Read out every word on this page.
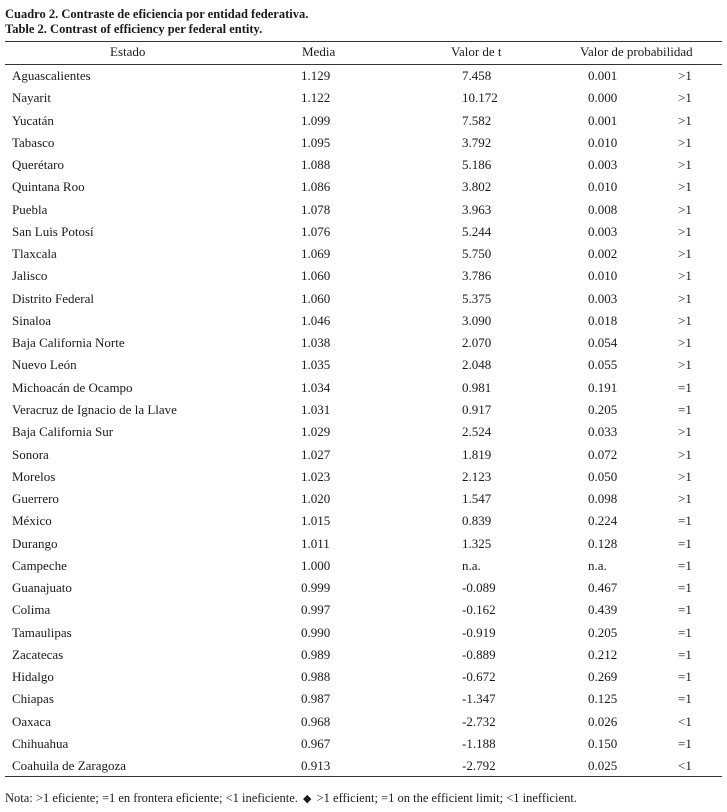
Cuadro 2. Contraste de eficiencia por entidad federativa.
Table 2. Contrast of efficiency per federal entity.
Estado	Media	Valor de t	Valor de probabilidad
Aguascalientes	1.129	7.458	0.001	>1
Nayarit	1.122	10.172	0.000	>1
Yucatán	1.099	7.582	0.001	>1
Tabasco	1.095	3.792	0.010	>1
Querétaro	1.088	5.186	0.003	>1
Quintana Roo	1.086	3.802	0.010	>1
Puebla	1.078	3.963	0.008	>1
San Luis Potosí	1.076	5.244	0.003	>1
Tlaxcala	1.069	5.750	0.002	>1
Jalisco	1.060	3.786	0.010	>1
Distrito Federal	1.060	5.375	0.003	>1
Sinaloa	1.046	3.090	0.018	>1
Baja California Norte	1.038	2.070	0.054	>1
Nuevo León	1.035	2.048	0.055	>1
Michoacán de Ocampo	1.034	0.981	0.191	=1
Veracruz de Ignacio de la Llave	1.031	0.917	0.205	=1
Baja California Sur	1.029	2.524	0.033	>1
Sonora	1.027	1.819	0.072	>1
Morelos	1.023	2.123	0.050	>1
Guerrero	1.020	1.547	0.098	>1
México	1.015	0.839	0.224	=1
Durango	1.011	1.325	0.128	=1
Campeche	1.000	n.a.	n.a.	=1
Guanajuato	0.999	-0.089	0.467	=1
Colima	0.997	-0.162	0.439	=1
Tamaulipas	0.990	-0.919	0.205	=1
Zacatecas	0.989	-0.889	0.212	=1
Hidalgo	0.988	-0.672	0.269	=1
Chiapas	0.987	-1.347	0.125	=1
Oaxaca	0.968	-2.732	0.026	<1
Chihuahua	0.967	-1.188	0.150	=1
Coahuila de Zaragoza	0.913	-2.792	0.025	<1
Nota: >1 eficiente; =1 en frontera eficiente; <1 ineficiente. ◆ >1 efficient; =1 on the efficient limit; <1 inefficient.
